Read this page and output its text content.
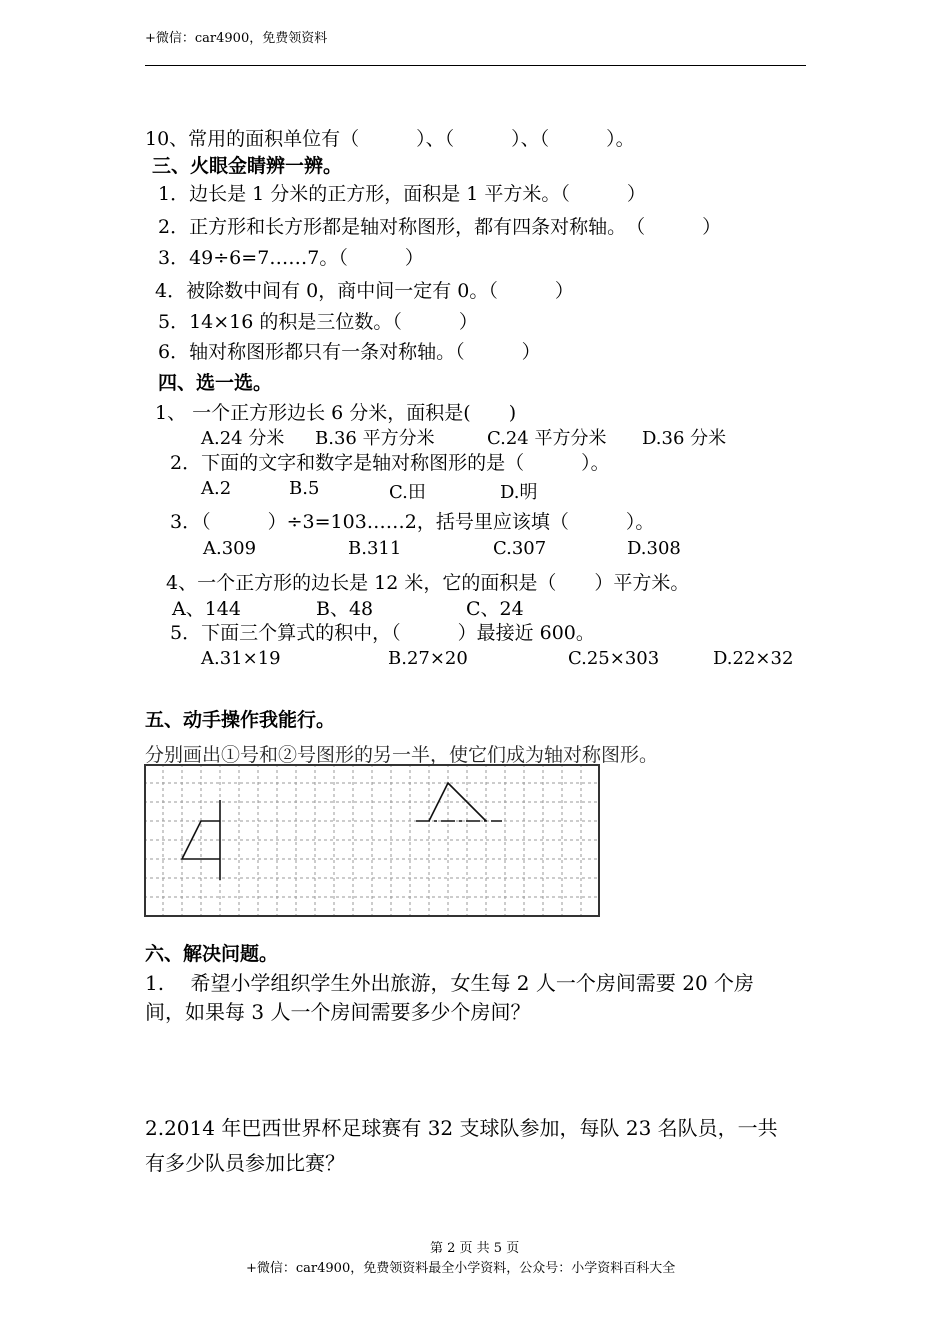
+微信：car4900，免费领资料
10、常用的面积单位有（　　　）、（　　　）、（　　　）。
三、火眼金睛辨一辨。
1．边长是 1 分米的正方形，面积是 1 平方米。（　　　）
2．正方形和长方形都是轴对称图形，都有四条对称轴。　（　　　）
3．49÷6=7……7。（　　　）
4．被除数中间有 0，商中间一定有 0。（　　　）
5．14×16 的积是三位数。（　　　）
6．轴对称图形都只有一条对称轴。（　　　）
四、选一选。
1、 一个正方形边长 6 分米，面积是(　　)
A.24 分米 B.36 平方分米	C.24 平方分米 D.36 分米
2．下面的文字和数字是轴对称图形的是（　　　）。
A.2	B.5	C.田	D.明
3．（　　　）÷3=103……2，括号里应该填（　　　）。
A.309	B.311	C.307	D.308
4、一个正方形的边长是 12 米，它的面积是（　　）平方米。
A、144	B、48	C、24
5．下面三个算式的积中，（　　　）最接近 600。
A.31×19	B.27×20	C.25×303	D.22×32
五、动手操作我能行。
分别画出①号和②号图形的另一半，使它们成为轴对称图形。
六、解决问题。
1.　 希望小学组织学生外出旅游，女生每 2 人一个房间需要 20 个房
间，如果每 3 人一个房间需要多少个房间？
2.2014 年巴西世界杯足球赛有 32 支球队参加，每队 23 名队员，一共
有多少队员参加比赛？
第 2 页 共 5 页
+微信：car4900，免费领资料最全小学资料，公众号：小学资料百科大全
